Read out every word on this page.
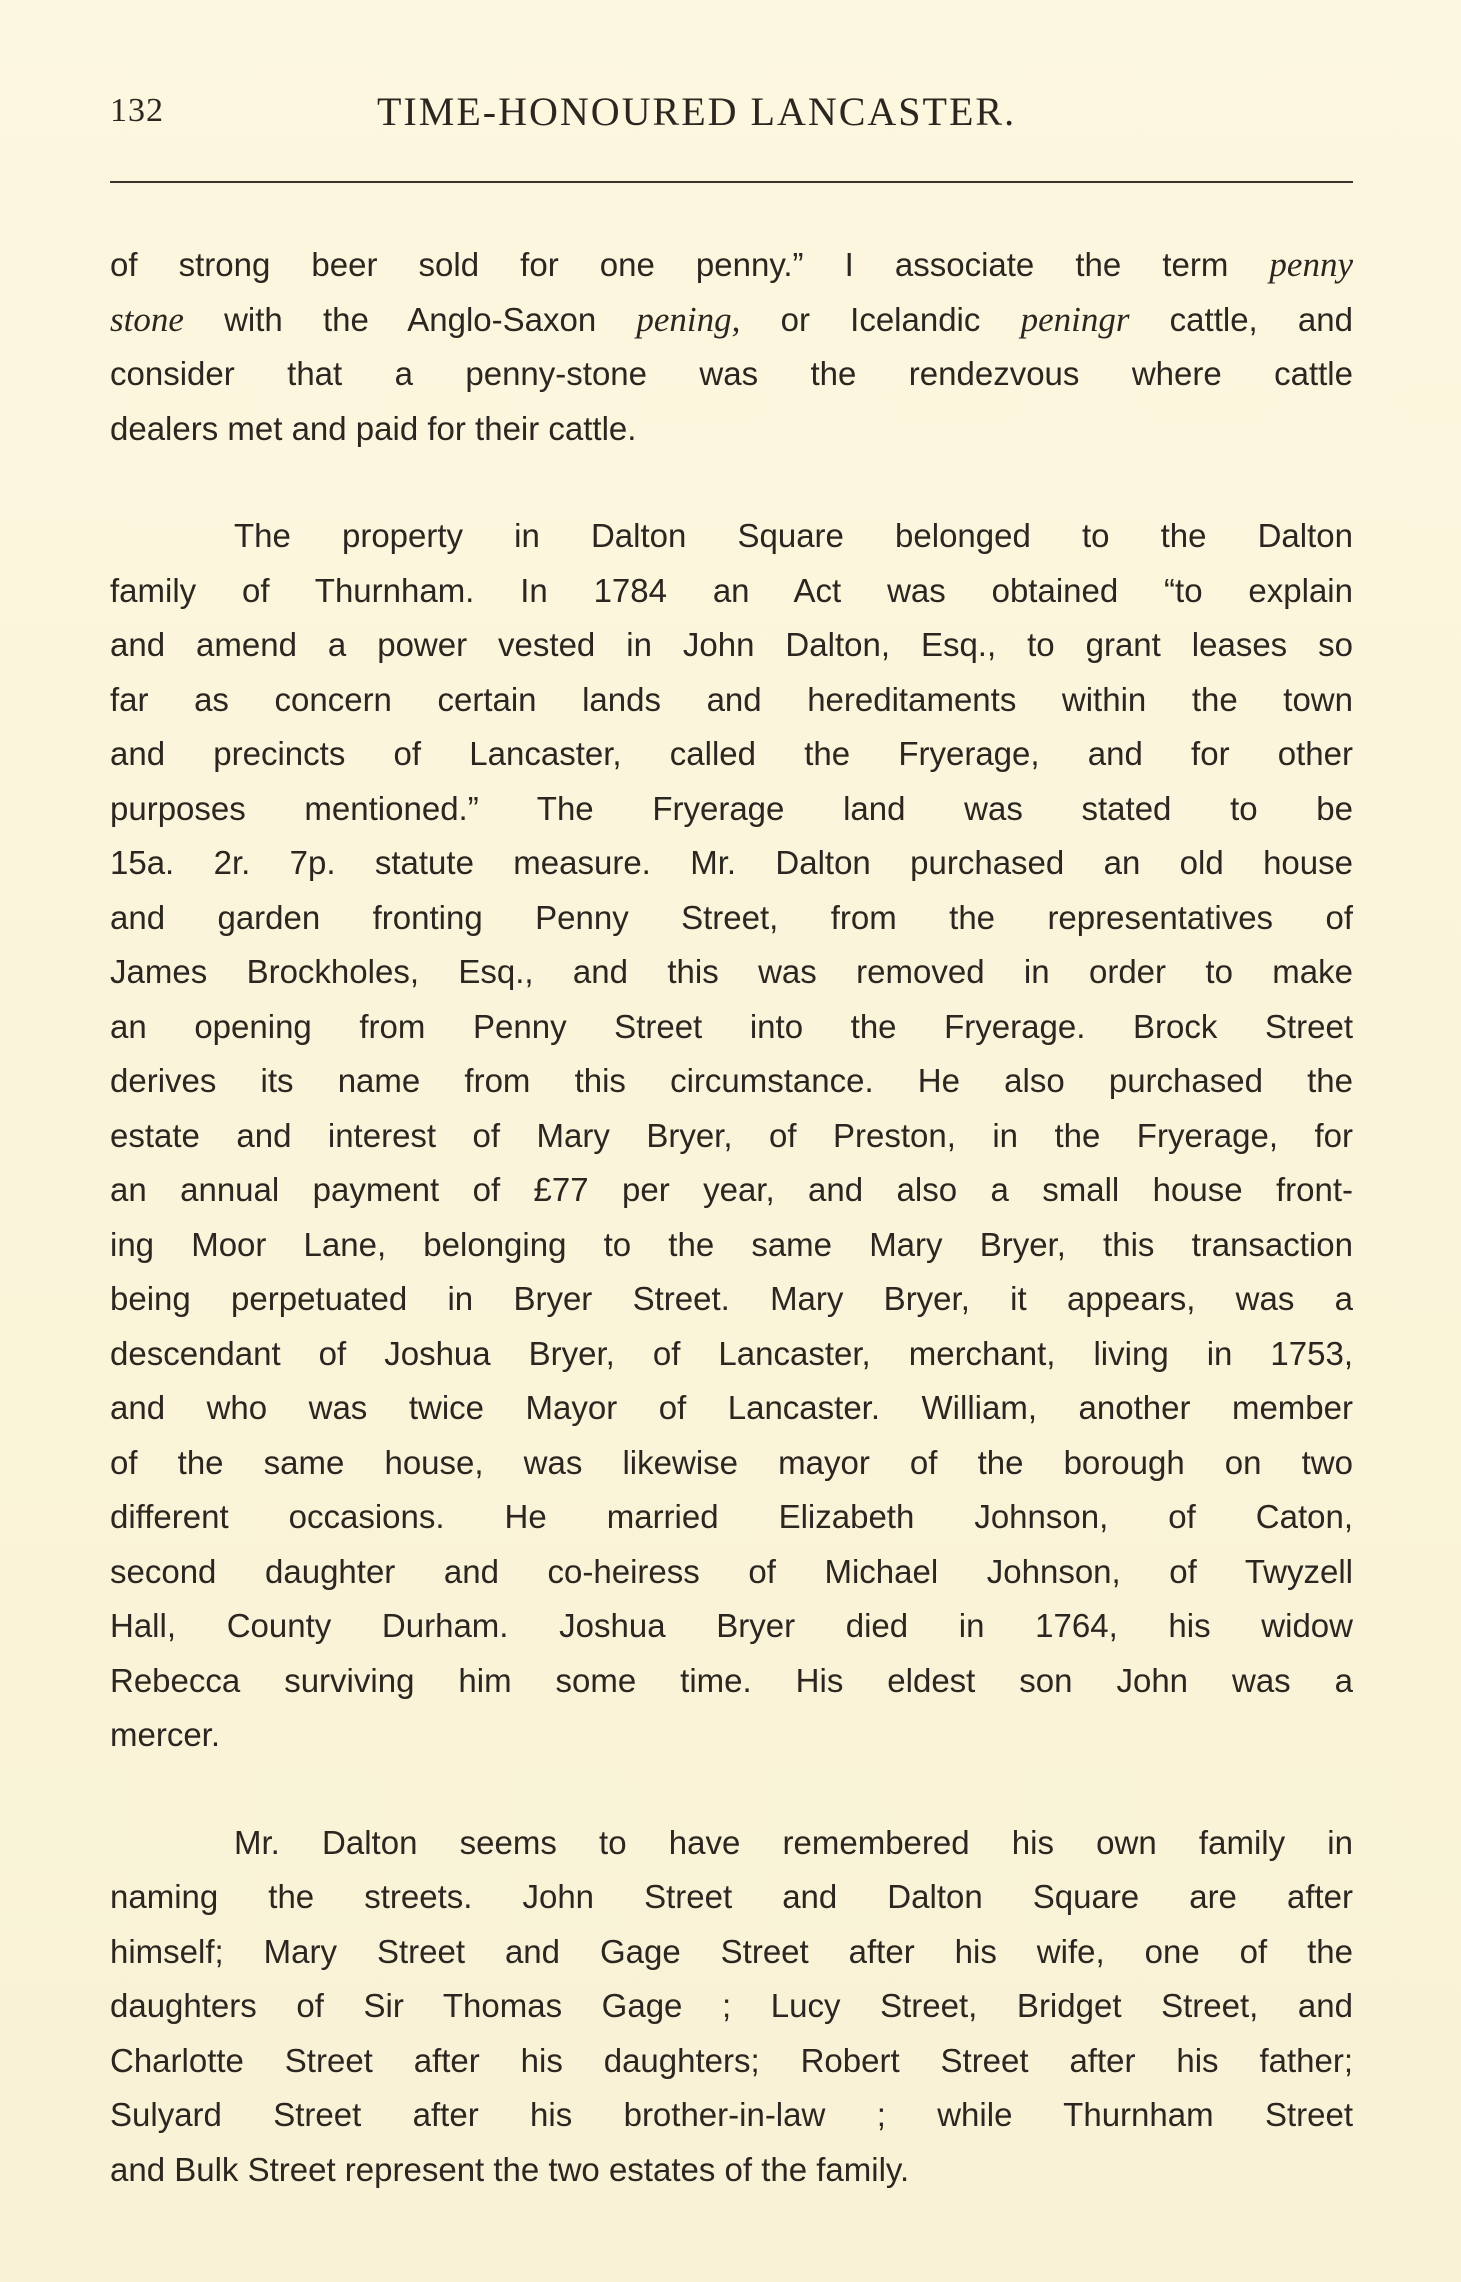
132	TIME-HONOURED LANCASTER.
of strong beer sold for one penny.” I associate the term penny
stone with the Anglo-Saxon pening, or Icelandic peningr cattle, and
consider that a penny-stone was the rendezvous where cattle
dealers met and paid for their cattle.
The property in Dalton Square belonged to the Dalton
family of Thurnham. In 1784 an Act was obtained “to explain
and amend a power vested in John Dalton, Esq., to grant leases so
far as concern certain lands and hereditaments within the town
and precincts of Lancaster, called the Fryerage, and for other
purposes mentioned.” The Fryerage land was stated to be
15a. 2r. 7p. statute measure. Mr. Dalton purchased an old house
and garden fronting Penny Street, from the representatives of
James Brockholes, Esq., and this was removed in order to make
an opening from Penny Street into the Fryerage. Brock Street
derives its name from this circumstance. He also purchased the
estate and interest of Mary Bryer, of Preston, in the Fryerage, for
an annual payment of £77 per year, and also a small house front-
ing Moor Lane, belonging to the same Mary Bryer, this transaction
being perpetuated in Bryer Street. Mary Bryer, it appears, was a
descendant of Joshua Bryer, of Lancaster, merchant, living in 1753,
and who was twice Mayor of Lancaster. William, another member
of the same house, was likewise mayor of the borough on two
different occasions. He married Elizabeth Johnson, of Caton,
second daughter and co-heiress of Michael Johnson, of Twyzell
Hall, County Durham. Joshua Bryer died in 1764, his widow
Rebecca surviving him some time. His eldest son John was a
mercer.
Mr. Dalton seems to have remembered his own family in
naming the streets. John Street and Dalton Square are after
himself; Mary Street and Gage Street after his wife, one of the
daughters of Sir Thomas Gage ; Lucy Street, Bridget Street, and
Charlotte Street after his daughters; Robert Street after his father;
Sulyard Street after his brother-in-law ; while Thurnham Street
and Bulk Street represent the two estates of the family.
